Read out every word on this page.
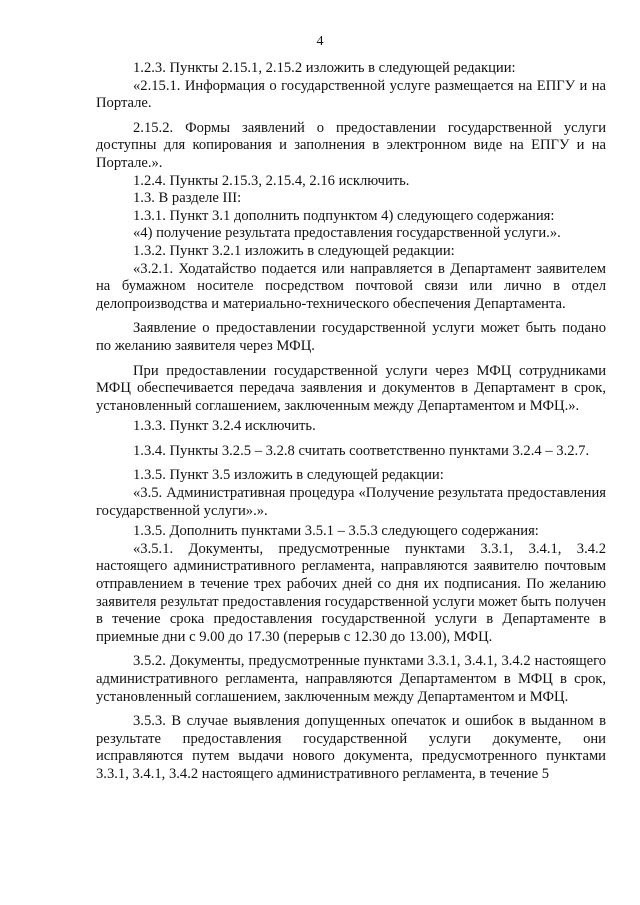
4

1.2.3. Пункты 2.15.1, 2.15.2 изложить в следующей редакции:

«2.15.1. Информация о государственной услуге размещается на ЕПГУ и на Портале.

2.15.2. Формы заявлений о предоставлении государственной услуги доступны для копирования и заполнения в электронном виде на ЕПГУ и на Портале.».

1.2.4. Пункты 2.15.3, 2.15.4, 2.16 исключить.

1.3. В разделе III:

1.3.1. Пункт 3.1 дополнить подпунктом 4) следующего содержания:

«4) получение результата предоставления государственной услуги.».

1.3.2. Пункт 3.2.1 изложить в следующей редакции:

«3.2.1. Ходатайство подается или направляется в Департамент заявителем на бумажном носителе посредством почтовой связи или лично в отдел делопроизводства и материально-технического обеспечения Департамента.

Заявление о предоставлении государственной услуги может быть подано по желанию заявителя через МФЦ.

При предоставлении государственной услуги через МФЦ сотрудниками МФЦ обеспечивается передача заявления и документов в Департамент в срок, установленный соглашением, заключенным между Департаментом и МФЦ.».

1.3.3. Пункт 3.2.4 исключить.

1.3.4. Пункты 3.2.5 – 3.2.8 считать соответственно пунктами 3.2.4 – 3.2.7.

1.3.5. Пункт 3.5 изложить в следующей редакции:

«3.5. Административная процедура «Получение результата предоставления государственной услуги».».

1.3.5. Дополнить пунктами 3.5.1 – 3.5.3 следующего содержания:

«3.5.1. Документы, предусмотренные пунктами 3.3.1, 3.4.1, 3.4.2 настоящего административного регламента, направляются заявителю почтовым отправлением в течение трех рабочих дней со дня их подписания. По желанию заявителя результат предоставления государственной услуги может быть получен в течение срока предоставления государственной услуги в Департаменте в приемные дни с 9.00 до 17.30 (перерыв с 12.30 до 13.00), МФЦ.

3.5.2. Документы, предусмотренные пунктами 3.3.1, 3.4.1, 3.4.2 настоящего административного регламента, направляются Департаментом в МФЦ в срок, установленный соглашением, заключенным между Департаментом и МФЦ.

3.5.3. В случае выявления допущенных опечаток и ошибок в выданном в результате предоставления государственной услуги документе, они исправляются путем выдачи нового документа, предусмотренного пунктами 3.3.1, 3.4.1, 3.4.2 настоящего административного регламента, в течение 5
